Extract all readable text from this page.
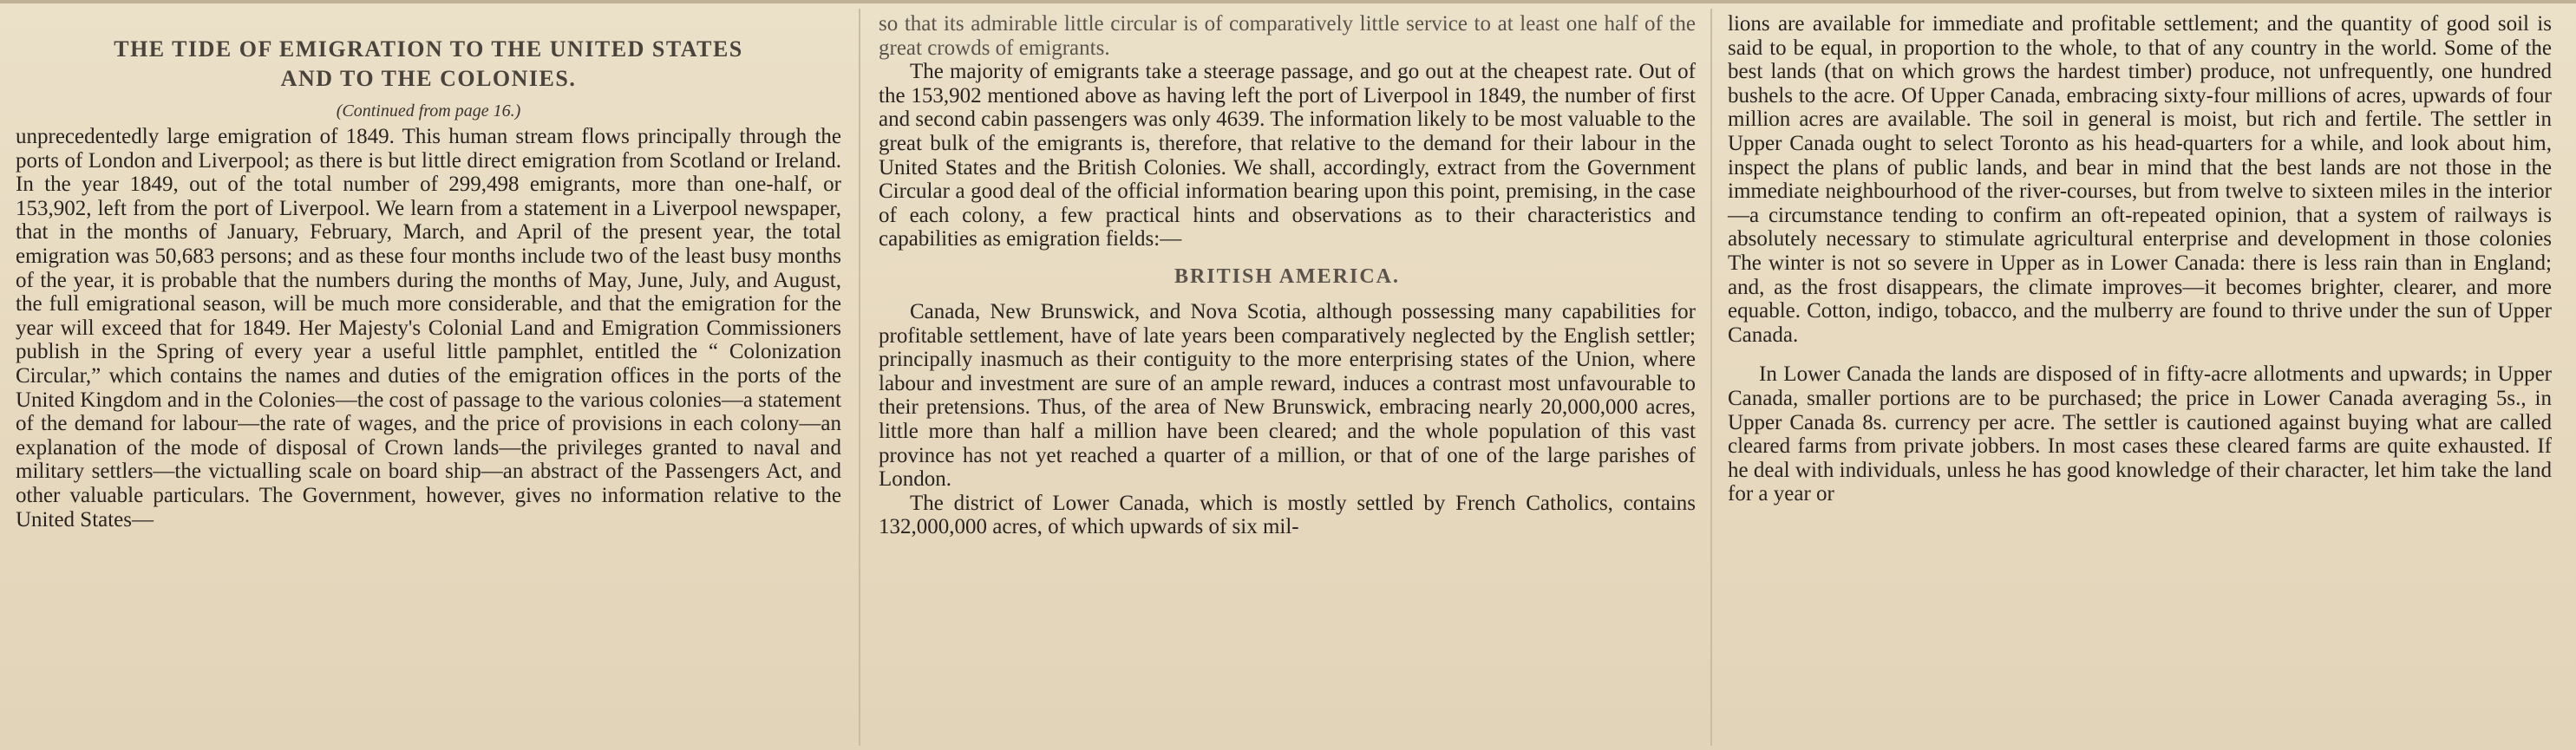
THE TIDE OF EMIGRATION TO THE UNITED STATES
AND TO THE COLONIES.
(Continued from page 16.)

unprecedentedly large emigration of 1849. This human stream flows principally through the ports of London and Liverpool; as there is but little direct emigration from Scotland or Ireland. In the year 1849, out of the total number of 299,498 emigrants, more than one-half, or 153,902, left from the port of Liverpool. We learn from a statement in a Liverpool newspaper, that in the months of January, February, March, and April of the present year, the total emigration was 50,683 persons; and as these four months include two of the least busy months of the year, it is probable that the numbers during the months of May, June, July, and August, the full emigrational season, will be much more considerable, and that the emigration for the year will exceed that for 1849. Her Majesty's Colonial Land and Emigration Commissioners publish in the Spring of every year a useful little pamphlet, entitled the “ Colonization Circular,” which contains the names and duties of the emigration offices in the ports of the United Kingdom and in the Colonies—the cost of passage to the various colonies—a statement of the demand for labour—the rate of wages, and the price of provisions in each colony—an explanation of the mode of disposal of Crown lands—the privileges granted to naval and military settlers—the victualling scale on board ship—an abstract of the Passengers Act, and other valuable particulars. The Government, however, gives no information relative to the United States—

so that its admirable little circular is of comparatively little service to at least one half of the great crowds of emigrants.

The majority of emigrants take a steerage passage, and go out at the cheapest rate. Out of the 153,902 mentioned above as having left the port of Liverpool in 1849, the number of first and second cabin passengers was only 4639. The information likely to be most valuable to the great bulk of the emigrants is, therefore, that relative to the demand for their labour in the United States and the British Colonies. We shall, accordingly, extract from the Government Circular a good deal of the official information bearing upon this point, premising, in the case of each colony, a few practical hints and observations as to their characteristics and capabilities as emigration fields:—

BRITISH AMERICA.

Canada, New Brunswick, and Nova Scotia, although possessing many capabilities for profitable settlement, have of late years been comparatively neglected by the English settler; principally inasmuch as their contiguity to the more enterprising states of the Union, where labour and investment are sure of an ample reward, induces a contrast most unfavourable to their pretensions. Thus, of the area of New Brunswick, embracing nearly 20,000,000 acres, little more than half a million have been cleared; and the whole population of this vast province has not yet reached a quarter of a million, or that of one of the large parishes of London.

The district of Lower Canada, which is mostly settled by French Catholics, contains 132,000,000 acres, of which upwards of six mil-

lions are available for immediate and profitable settlement; and the quantity of good soil is said to be equal, in proportion to the whole, to that of any country in the world. Some of the best lands (that on which grows the hardest timber) produce, not unfrequently, one hundred bushels to the acre. Of Upper Canada, embracing sixty-four millions of acres, upwards of four million acres are available. The soil in general is moist, but rich and fertile. The settler in Upper Canada ought to select Toronto as his head-quarters for a while, and look about him, inspect the plans of public lands, and bear in mind that the best lands are not those in the immediate neighbourhood of the river-courses, but from twelve to sixteen miles in the interior—a circumstance tending to confirm an oft-repeated opinion, that a system of railways is absolutely necessary to stimulate agricultural enterprise and development in those colonies The winter is not so severe in Upper as in Lower Canada: there is less rain than in England; and, as the frost disappears, the climate improves—it becomes brighter, clearer, and more equable. Cotton, indigo, tobacco, and the mulberry are found to thrive under the sun of Upper Canada.

In Lower Canada the lands are disposed of in fifty-acre allotments and upwards; in Upper Canada, smaller portions are to be purchased; the price in Lower Canada averaging 5s., in Upper Canada 8s. currency per acre. The settler is cautioned against buying what are called cleared farms from private jobbers. In most cases these cleared farms are quite exhausted. If he deal with individuals, unless he has good knowledge of their character, let him take the land for a year or
